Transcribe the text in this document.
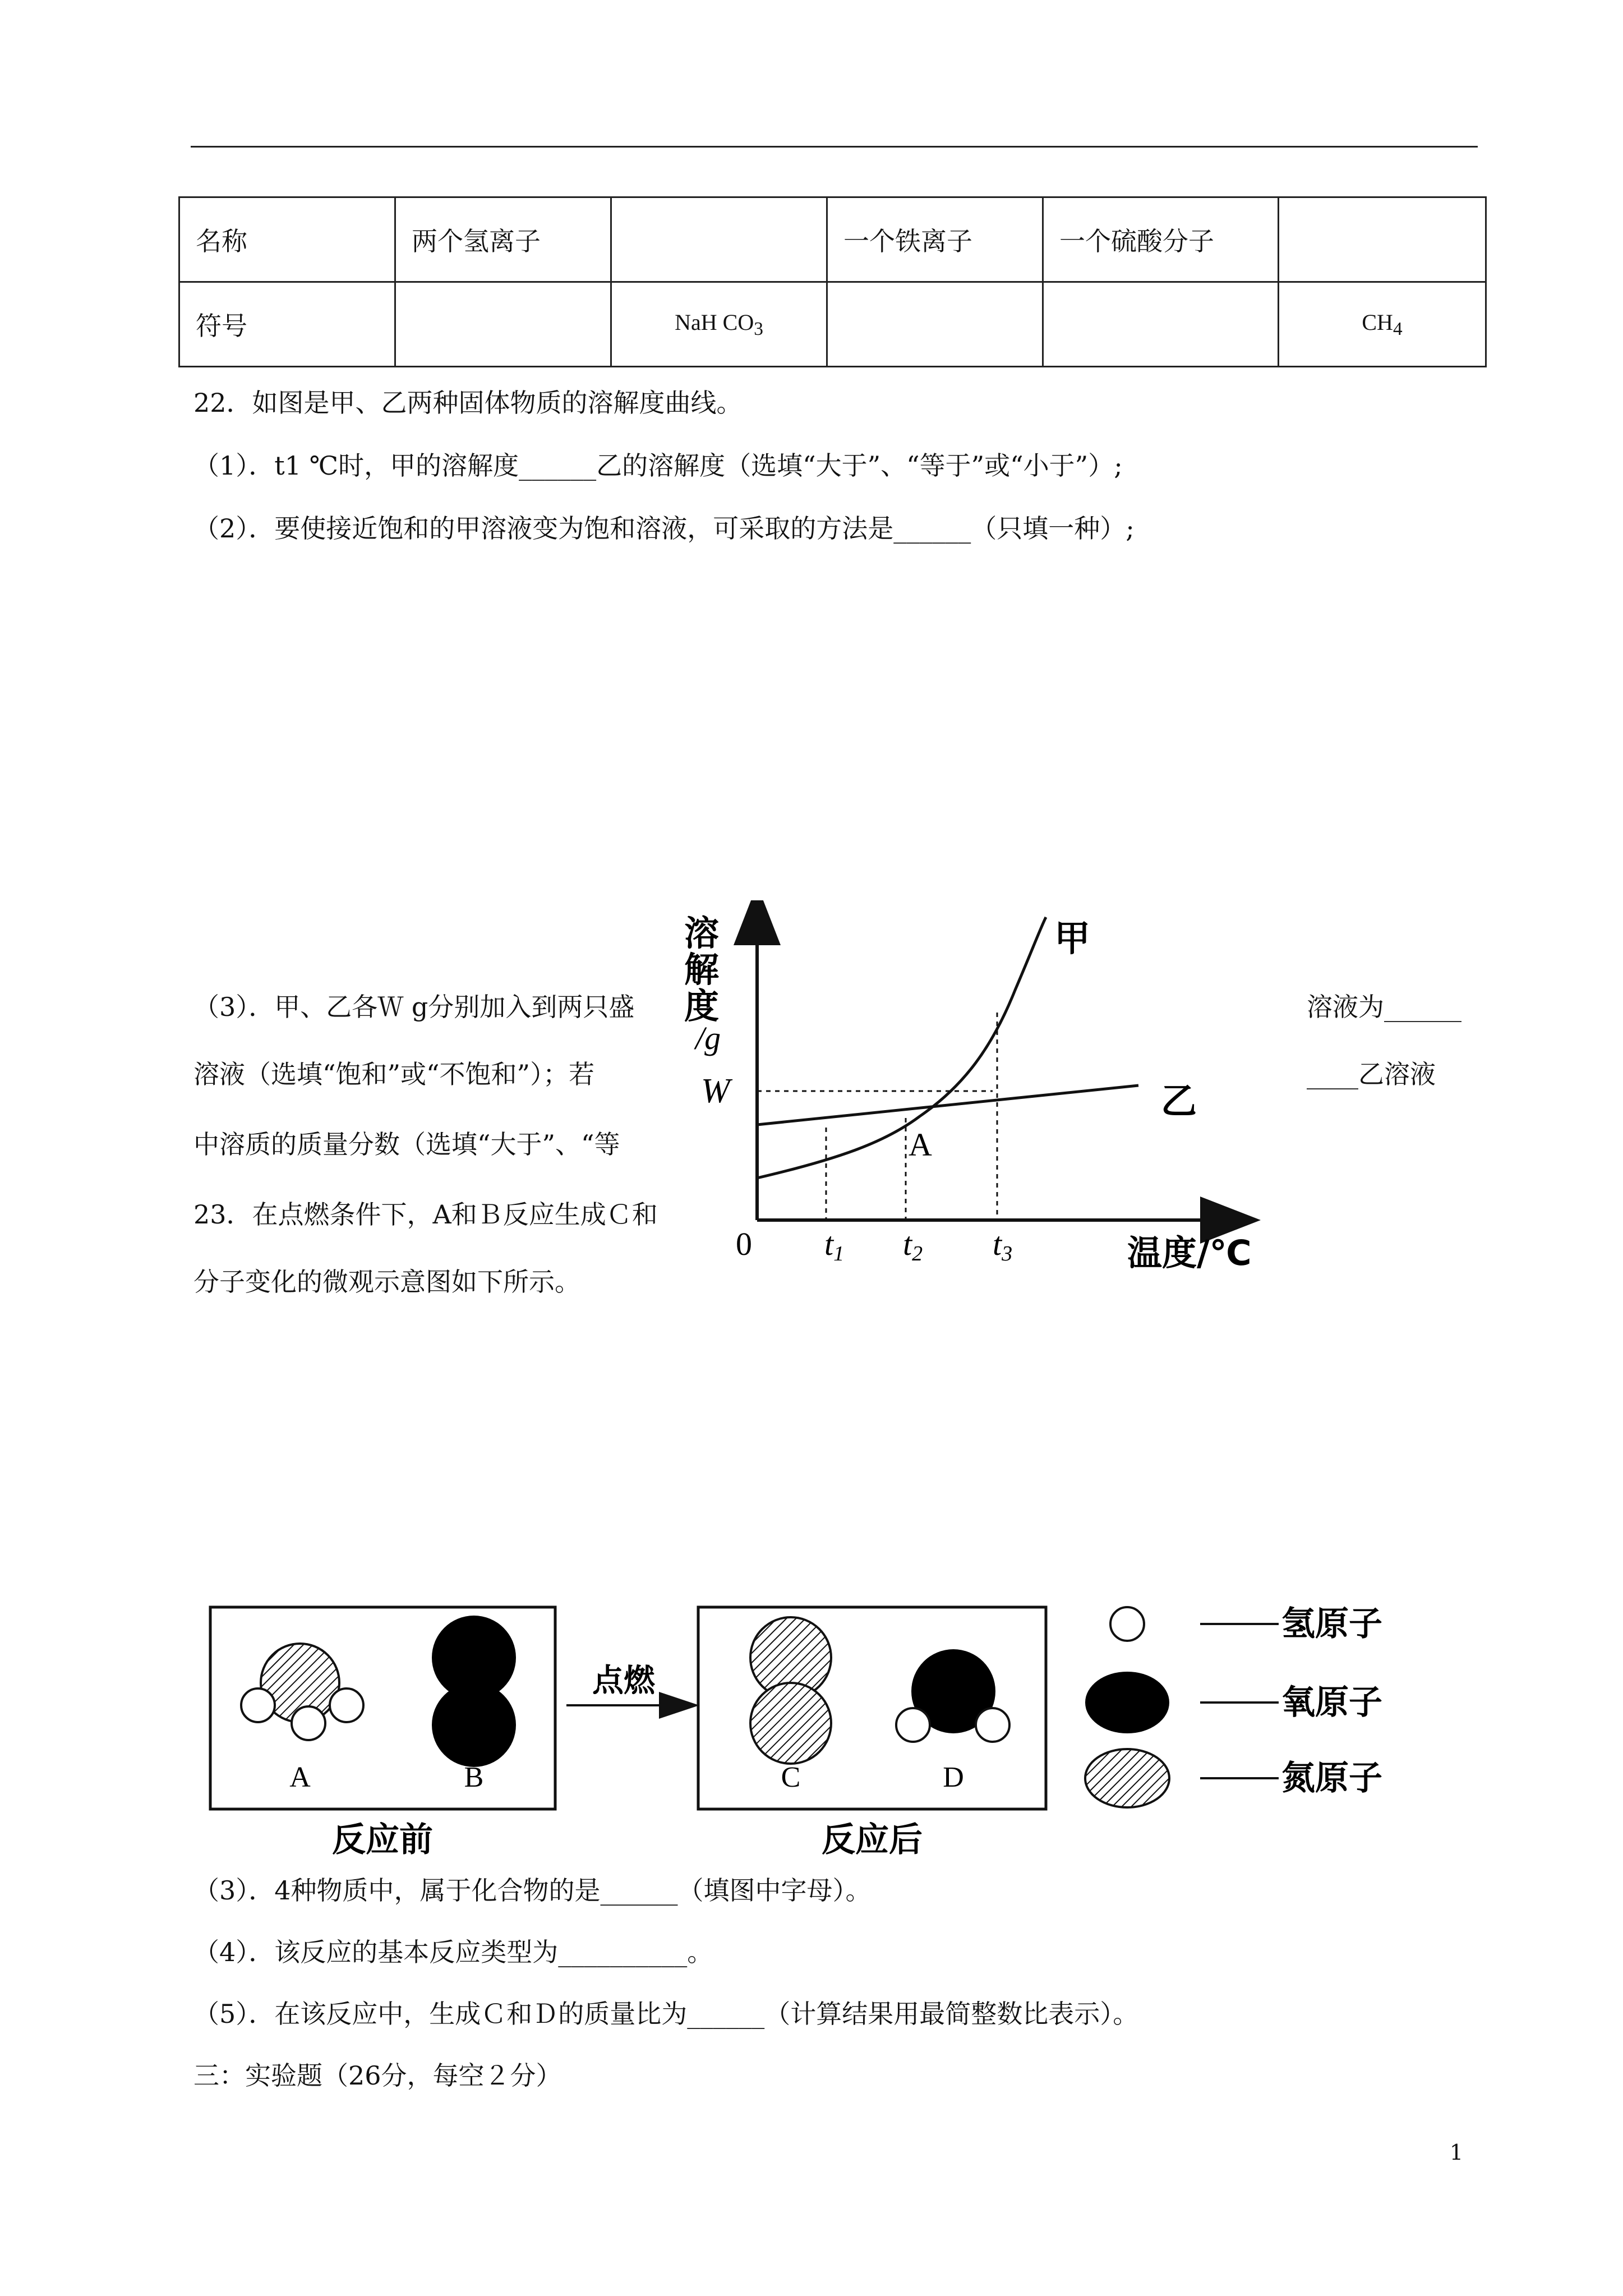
名称	两个氢离子		一个铁离子	一个硫酸分子	
符号		NaH $CO_3$			$CH_4$
22．如图是甲、乙两种固体物质的溶解度曲线。
（1）．t1 ℃时，甲的溶解度______乙的溶解度（选填“大于”、“等于”或“小于”）;
（2）．要使接近饱和的甲溶液变为饱和溶液，可采取的方法是______（只填一种）;
（3）．甲、乙各Ｗ g分别加入到两只盛	溶液为______
溶液（选填“饱和”或“不饱和”）；若	____乙溶液
中溶质的质量分数（选填“大于”、“等
23．在点燃条件下，A和Ｂ反应生成Ｃ和
分子变化的微观示意图如下所示。
溶
解
度
/g
W
0 t1 t2 t3	温度/℃
甲
乙
A
A	B
点燃
C	D
反应前	反应后
氢原子
氧原子
氮原子
（3）．4种物质中，属于化合物的是______（填图中字母）。
（4）．该反应的基本反应类型为__________。
（5）．在该反应中，生成Ｃ和Ｄ的质量比为______（计算结果用最简整数比表示）。
三：实验题（26分，每空２分）
1
